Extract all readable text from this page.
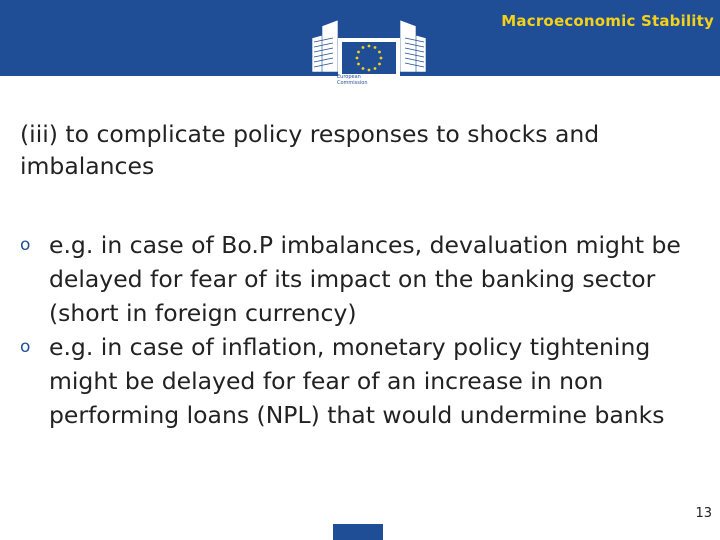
Macroeconomic Stability
European Commission
(iii) to complicate policy responses to shocks and imbalances
o e.g. in case of Bo.P imbalances, devaluation might be delayed for fear of its impact on the banking sector (short in foreign currency)
o e.g. in case of inflation, monetary policy tightening might be delayed for fear of an increase in non performing loans (NPL) that would undermine banks
13
